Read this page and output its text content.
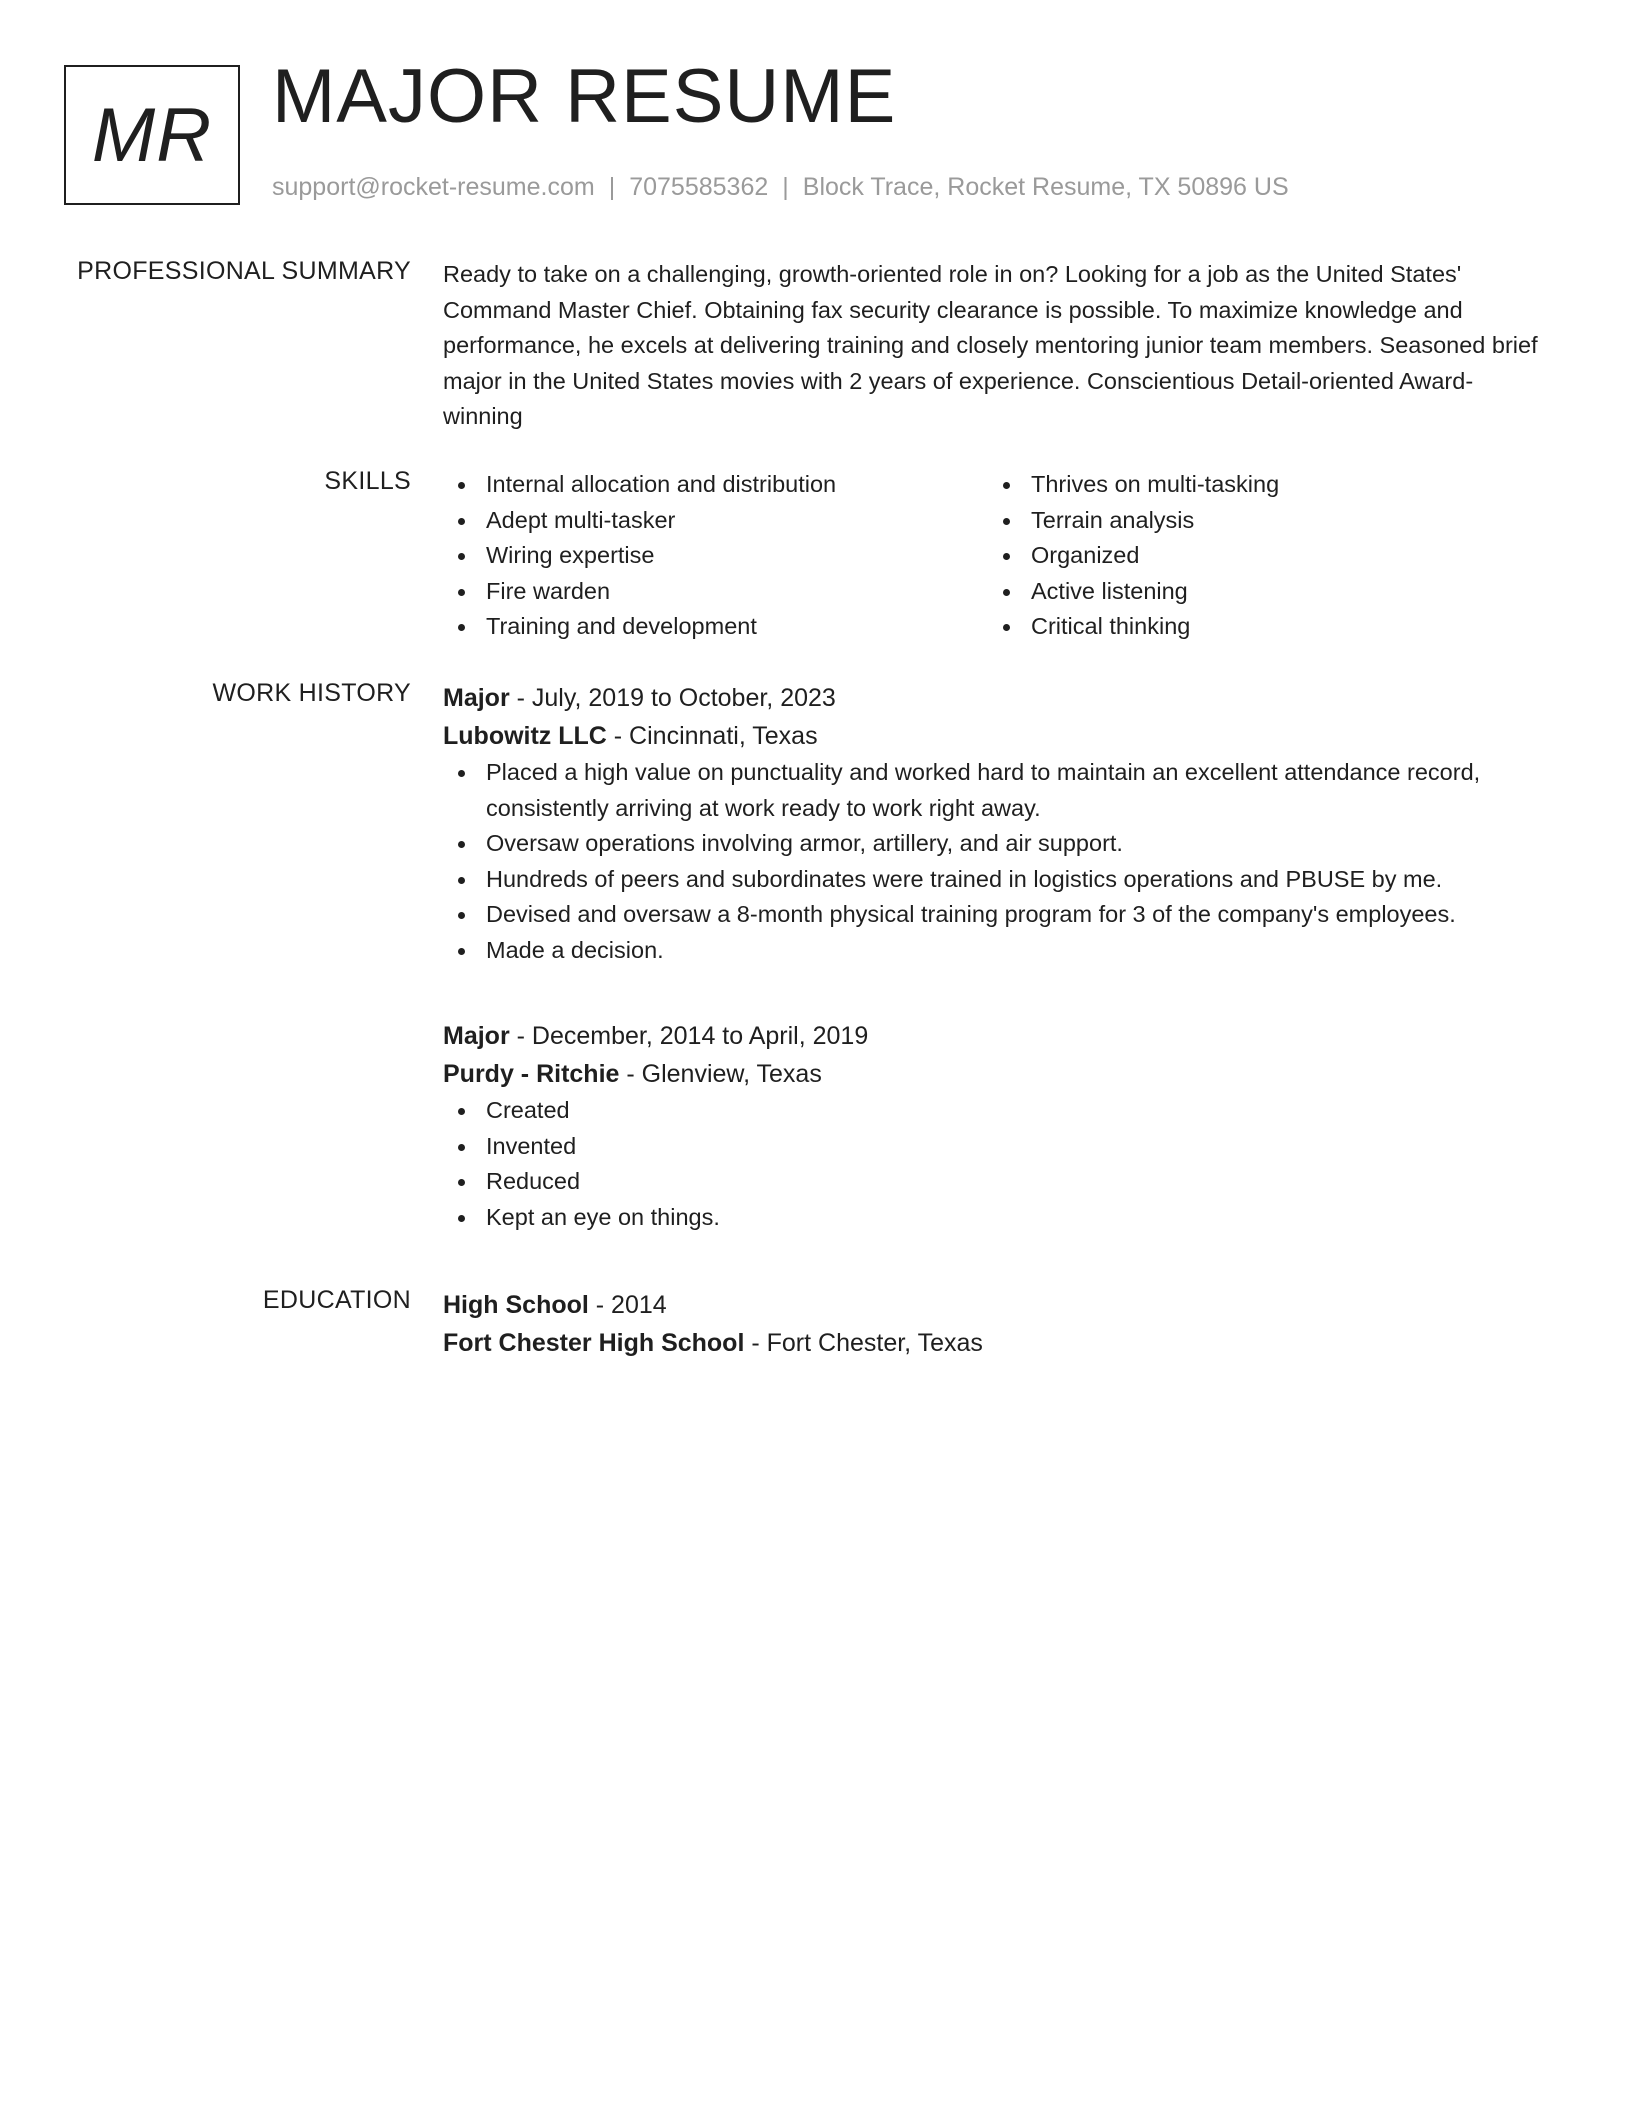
MR MAJOR RESUME
support@rocket-resume.com | 7075585362 | Block Trace, Rocket Resume, TX 50896 US
PROFESSIONAL SUMMARY Ready to take on a challenging, growth-oriented role in on? Looking for a job as the United States' Command Master Chief. Obtaining fax security clearance is possible. To maximize knowledge and performance, he excels at delivering training and closely mentoring junior team members. Seasoned brief major in the United States movies with 2 years of experience. Conscientious Detail-oriented Award-winning

SKILLS	Internal allocation and distribution
Adept multi-tasker
Wiring expertise
Fire warden
Training and development
Thrives on multi-tasking
Terrain analysis
Organized
Active listening
Critical thinking
WORK HISTORY Major - July, 2019 to October, 2023
Lubowitz LLC - Cincinnati, Texas
Placed a high value on punctuality and worked hard to maintain an excellent attendance record, consistently arriving at work ready to work right away.
Oversaw operations involving armor, artillery, and air support.
Hundreds of peers and subordinates were trained in logistics operations and PBUSE by me.
Devised and oversaw a 8-month physical training program for 3 of the company's employees.
Made a decision.
Major - December, 2014 to April, 2019
Purdy - Ritchie - Glenview, Texas
Created
Invented
Reduced
Kept an eye on things.
EDUCATION High School - 2014
Fort Chester High School - Fort Chester, Texas
